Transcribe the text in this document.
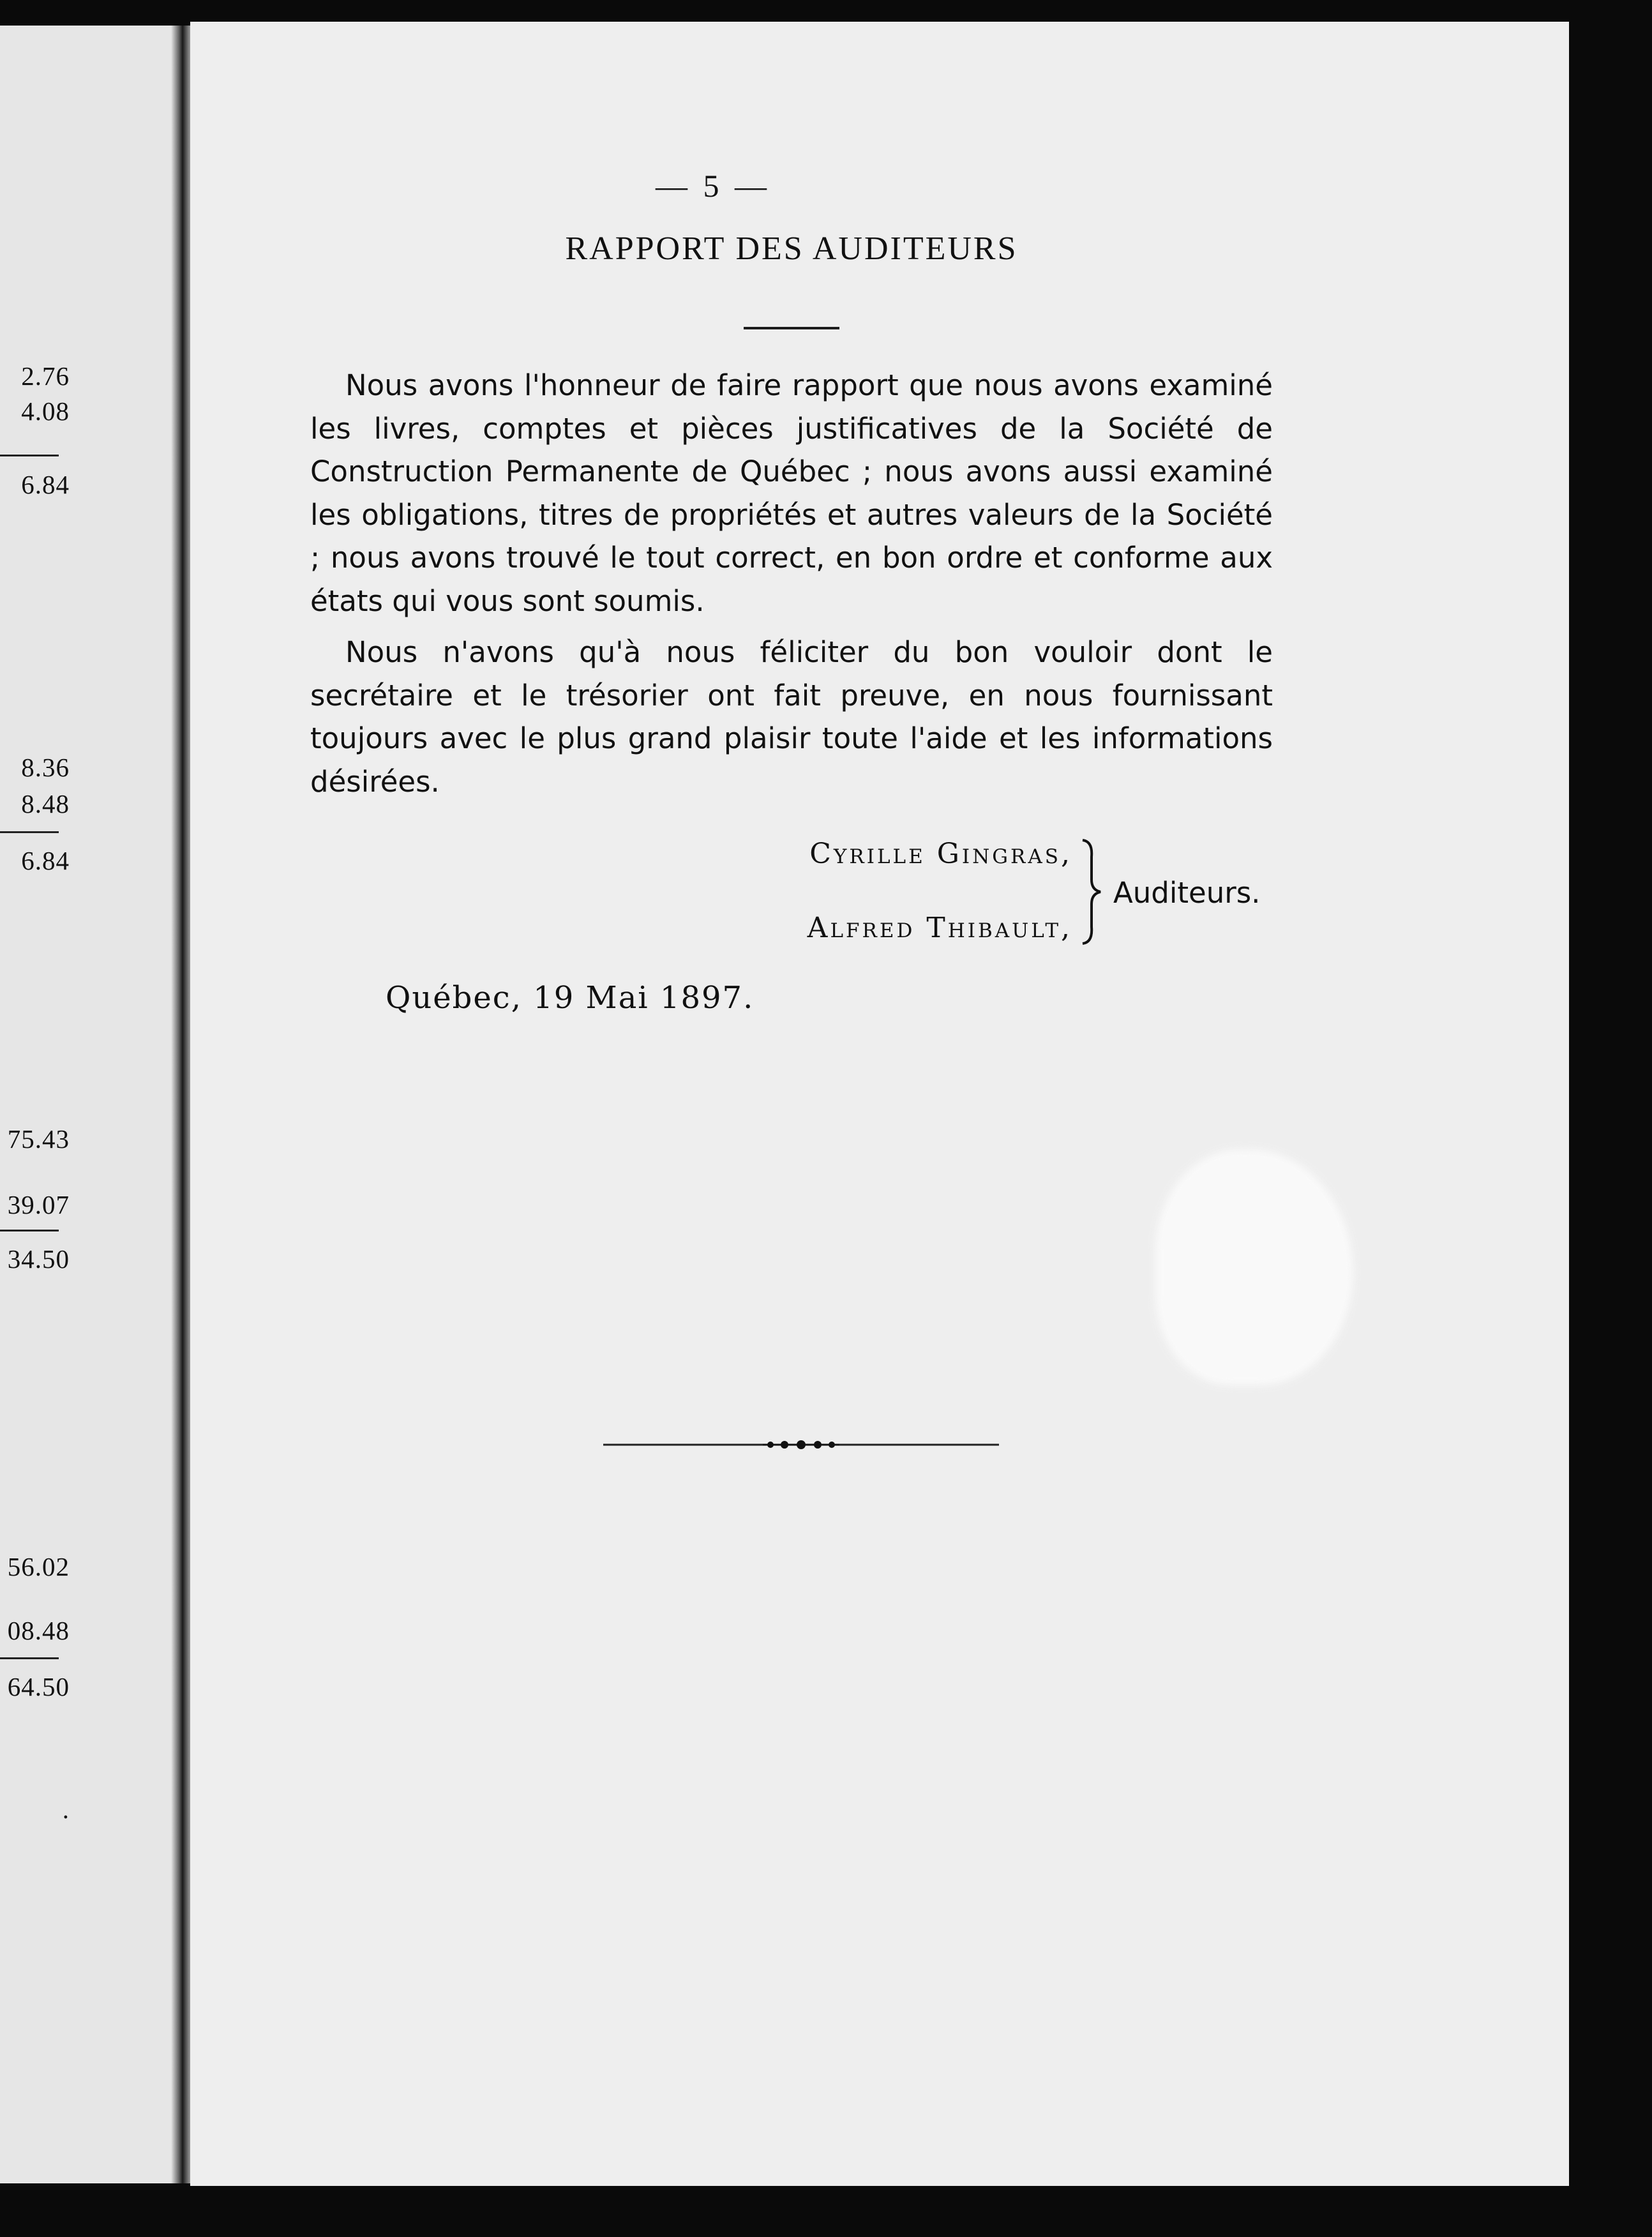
2.76
4.08
6.84
8.36
8.48
6.84
75.43
39.07
34.50
56.02
08.48
64.50
.
— 5 —
RAPPORT DES AUDITEURS

Nous avons l'honneur de faire rapport que nous avons examiné les livres, comptes et pièces justificatives de la Société de Construction Permanente de Québec ; nous avons aussi examiné les obligations, titres de propriétés et autres valeurs de la Société ; nous avons trouvé le tout correct, en bon ordre et conforme aux états qui vous sont soumis.

Nous n'avons qu'à nous féliciter du bon vouloir dont le secrétaire et le trésorier ont fait preuve, en nous fournissant toujours avec le plus grand plaisir toute l'aide et les informations désirées.

Cyrille Gingras,
Alfred Thibault,
Auditeurs.
Québec, 19 Mai 1897.
